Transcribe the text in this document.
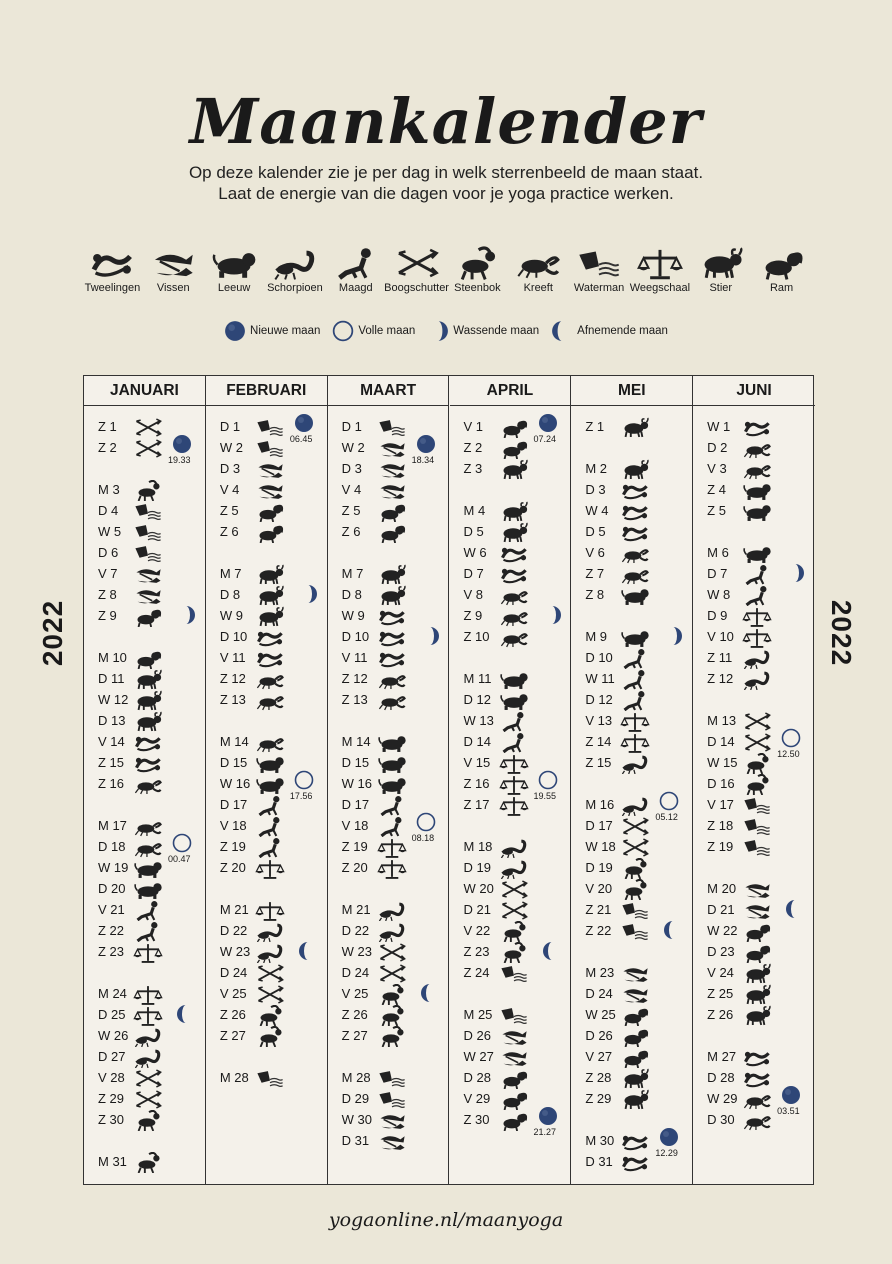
Maankalender
Op deze kalender zie je per dag in welk sterrenbeeld de maan staat.
Laat de energie van die dagen voor je yoga practice werken.
Tweelingen	Vissen	Leeuw	Schorpioen	Maagd	Boogschutter Steenbok	Kreeft	Waterman Weegschaal	Stier	Ram
Nieuwe maan	Volle maan	Wassende maan	Afnemende maan
2022	2022
JANUARI
Z 1
Z 2
19.33
M 3
D 4
W 5
D 6
V 7
Z 8
Z 9
M 10
D 11
W 12
D 13
V 14
Z 15
Z 16
M 17
D 18
00.47
W 19
D 20
V 21
Z 22
Z 23
M 24
D 25
W 26
D 27
V 28
Z 29
Z 30
M 31
FEBRUARI
D 1
06.45
W 2
D 3
V 4
Z 5
Z 6
M 7
D 8
W 9
D 10
V 11
Z 12
Z 13
M 14
D 15
W 16
17.56
D 17
V 18
Z 19
Z 20
M 21
D 22
W 23
D 24
V 25
Z 26
Z 27
M 28
MAART
D 1
W 2
18.34
D 3
V 4
Z 5
Z 6
M 7
D 8
W 9
D 10
V 11
Z 12
Z 13
M 14
D 15
W 16
D 17
V 18
08.18
Z 19
Z 20
M 21
D 22
W 23
D 24
V 25
Z 26
Z 27
M 28
D 29
W 30
D 31
APRIL
V 1
07.24
Z 2
Z 3
M 4
D 5
W 6
D 7
V 8
Z 9
Z 10
M 11
D 12
W 13
D 14
V 15
Z 16
19.55
Z 17
M 18
D 19
W 20
D 21
V 22
Z 23
Z 24
M 25
D 26
W 27
D 28
V 29
Z 30
21.27
MEI
Z 1
M 2
D 3
W 4
D 5
V 6
Z 7
Z 8
M 9
D 10
W 11
D 12
V 13
Z 14
Z 15
M 16
05.12
D 17
W 18
D 19
V 20
Z 21
Z 22
M 23
D 24
W 25
D 26
V 27
Z 28
Z 29
M 30
12.29
D 31
JUNI
W 1
D 2
V 3
Z 4
Z 5
M 6
D 7
W 8
D 9
V 10
Z 11
Z 12
M 13
D 14
12.50
W 15
D 16
V 17
Z 18
Z 19
M 20
D 21
W 22
D 23
V 24
Z 25
Z 26
M 27
D 28
W 29
03.51
D 30
yogaonline.nl/maanyoga
